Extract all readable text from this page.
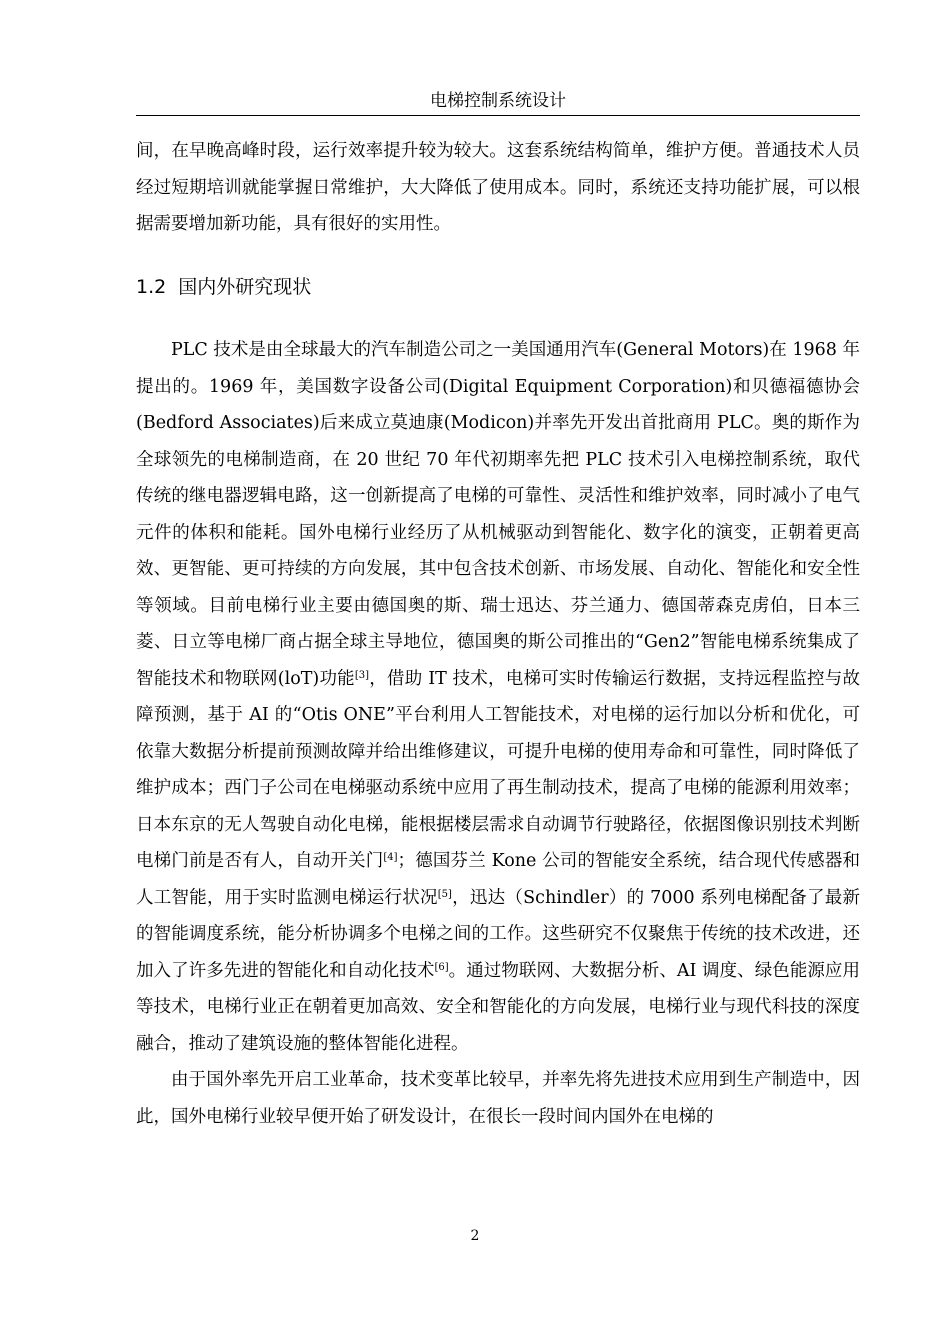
电梯控制系统设计

间，在早晚高峰时段，运行效率提升较为较大。这套系统结构简单，维护方便。普通技术人员经过短期培训就能掌握日常维护，大大降低了使用成本。同时，系统还支持功能扩展，可以根据需要增加新功能，具有很好的实用性。

1.2  国内外研究现状

PLC 技术是由全球最大的汽车制造公司之一美国通用汽车(General Motors)在 1968 年提出的。1969 年，美国数字设备公司(Digital Equipment Corporation)和贝德福德协会(Bedford Associates)后来成立莫迪康(Modicon)并率先开发出首批商用 PLC。奥的斯作为全球领先的电梯制造商，在 20 世纪 70 年代初期率先把 PLC 技术引入电梯控制系统，取代传统的继电器逻辑电路，这一创新提高了电梯的可靠性、灵活性和维护效率，同时减小了电气元件的体积和能耗。国外电梯行业经历了从机械驱动到智能化、数字化的演变，正朝着更高效、更智能、更可持续的方向发展，其中包含技术创新、市场发展、自动化、智能化和安全性等领域。目前电梯行业主要由德国奥的斯、瑞士迅达、芬兰通力、德国蒂森克虏伯，日本三菱、日立等电梯厂商占据全球主导地位，德国奥的斯公司推出的“Gen2”智能电梯系统集成了智能技术和物联网(loT)功能[3]，借助 IT 技术，电梯可实时传输运行数据，支持远程监控与故障预测，基于 AI 的“Otis ONE”平台利用人工智能技术，对电梯的运行加以分析和优化，可依靠大数据分析提前预测故障并给出维修建议，可提升电梯的使用寿命和可靠性，同时降低了维护成本；西门子公司在电梯驱动系统中应用了再生制动技术，提高了电梯的能源利用效率；日本东京的无人驾驶自动化电梯，能根据楼层需求自动调节行驶路径，依据图像识别技术判断电梯门前是否有人，自动开关门[4]；德国芬兰 Kone 公司的智能安全系统，结合现代传感器和人工智能，用于实时监测电梯运行状况[5]，迅达（Schindler）的 7000 系列电梯配备了最新的智能调度系统，能分析协调多个电梯之间的工作。这些研究不仅聚焦于传统的技术改进，还加入了许多先进的智能化和自动化技术[6]。通过物联网、大数据分析、AI 调度、绿色能源应用等技术，电梯行业正在朝着更加高效、安全和智能化的方向发展，电梯行业与现代科技的深度融合，推动了建筑设施的整体智能化进程。

由于国外率先开启工业革命，技术变革比较早，并率先将先进技术应用到生产制造中，因此，国外电梯行业较早便开始了研发设计，在很长一段时间内国外在电梯的

2
